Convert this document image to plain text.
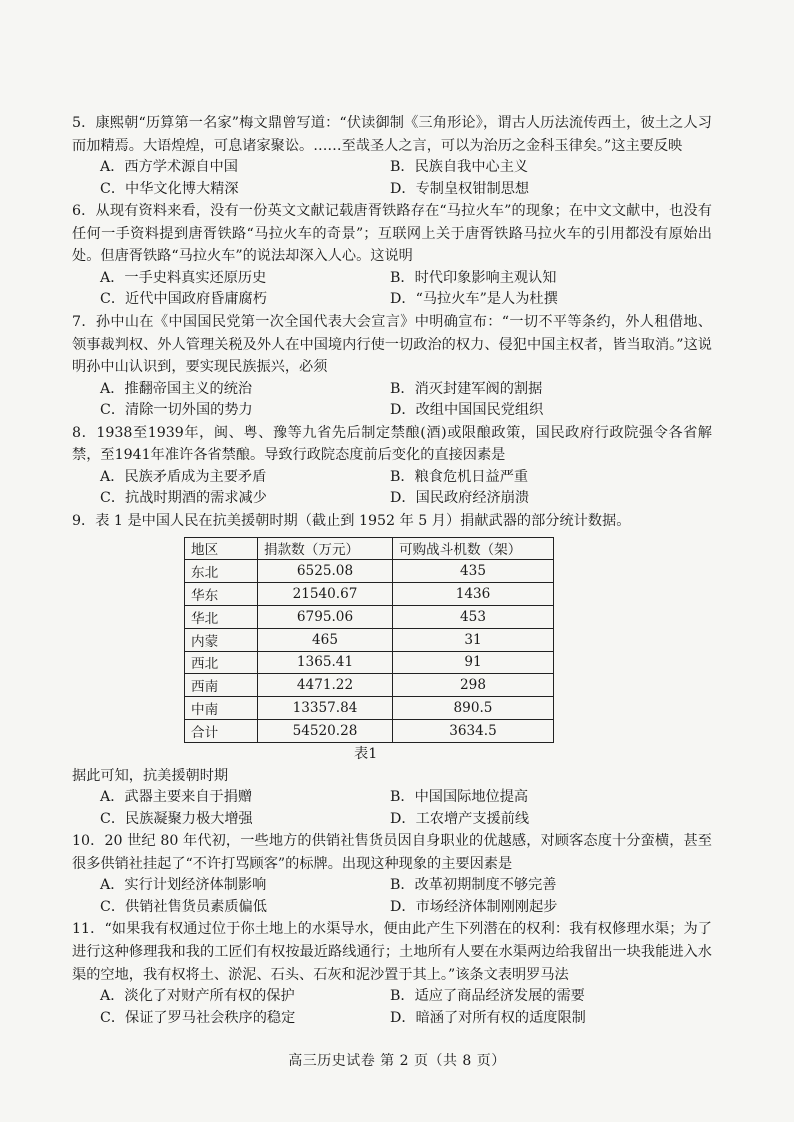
5．康熙朝“历算第一名家”梅文鼎曾写道：“伏读御制《三角形论》，谓古人历法流传西土，彼土之人习而加精焉。大语煌煌，可息诸家聚讼。……至哉圣人之言，可以为治历之金科玉律矣。”这主要反映

A．西方学术源自中国	B．民族自我中心主义
C．中华文化博大精深	D．专制皇权钳制思想

6．从现有资料来看，没有一份英文文献记载唐胥铁路存在“马拉火车”的现象；在中文文献中，也没有任何一手资料提到唐胥铁路“马拉火车的奇景”；互联网上关于唐胥铁路马拉火车的引用都没有原始出处。但唐胥铁路“马拉火车”的说法却深入人心。这说明

A．一手史料真实还原历史	B．时代印象影响主观认知
C．近代中国政府昏庸腐朽	D．“马拉火车”是人为杜撰

7．孙中山在《中国国民党第一次全国代表大会宣言》中明确宣布：“一切不平等条约，外人租借地、领事裁判权、外人管理关税及外人在中国境内行使一切政治的权力、侵犯中国主权者，皆当取消。”这说明孙中山认识到，要实现民族振兴，必须

A．推翻帝国主义的统治	B．消灭封建军阀的割据
C．清除一切外国的势力	D．改组中国国民党组织

8．1938至1939年，闽、粤、豫等九省先后制定禁酿(酒)或限酿政策，国民政府行政院强令各省解禁，至1941年准许各省禁酿。导致行政院态度前后变化的直接因素是

A．民族矛盾成为主要矛盾	B．粮食危机日益严重
C．抗战时期酒的需求减少	D．国民政府经济崩溃

9．表 1 是中国人民在抗美援朝时期（截止到 1952 年 5 月）捐献武器的部分统计数据。

地区	捐款数（万元）	可购战斗机数（架）
东北	6525.08	435
华东	21540.67	1436
华北	6795.06	453
内蒙	465	31
西北	1365.41	91
西南	4471.22	298
中南	13357.84	890.5
合计	54520.28	3634.5
表1

据此可知，抗美援朝时期

A．武器主要来自于捐赠	B．中国国际地位提高
C．民族凝聚力极大增强	D．工农增产支援前线

10．20 世纪 80 年代初，一些地方的供销社售货员因自身职业的优越感，对顾客态度十分蛮横，甚至很多供销社挂起了“不许打骂顾客”的标牌。出现这种现象的主要因素是

A．实行计划经济体制影响	B．改革初期制度不够完善
C．供销社售货员素质偏低	D．市场经济体制刚刚起步

11．“如果我有权通过位于你土地上的水渠导水，便由此产生下列潜在的权利：我有权修理水渠；为了进行这种修理我和我的工匠们有权按最近路线通行；土地所有人要在水渠两边给我留出一块我能进入水渠的空地，我有权将土、淤泥、石头、石灰和泥沙置于其上。”该条文表明罗马法

A．淡化了对财产所有权的保护	B．适应了商品经济发展的需要
C．保证了罗马社会秩序的稳定	D．暗涵了对所有权的适度限制
高三历史试卷 第 2 页（共 8 页）
